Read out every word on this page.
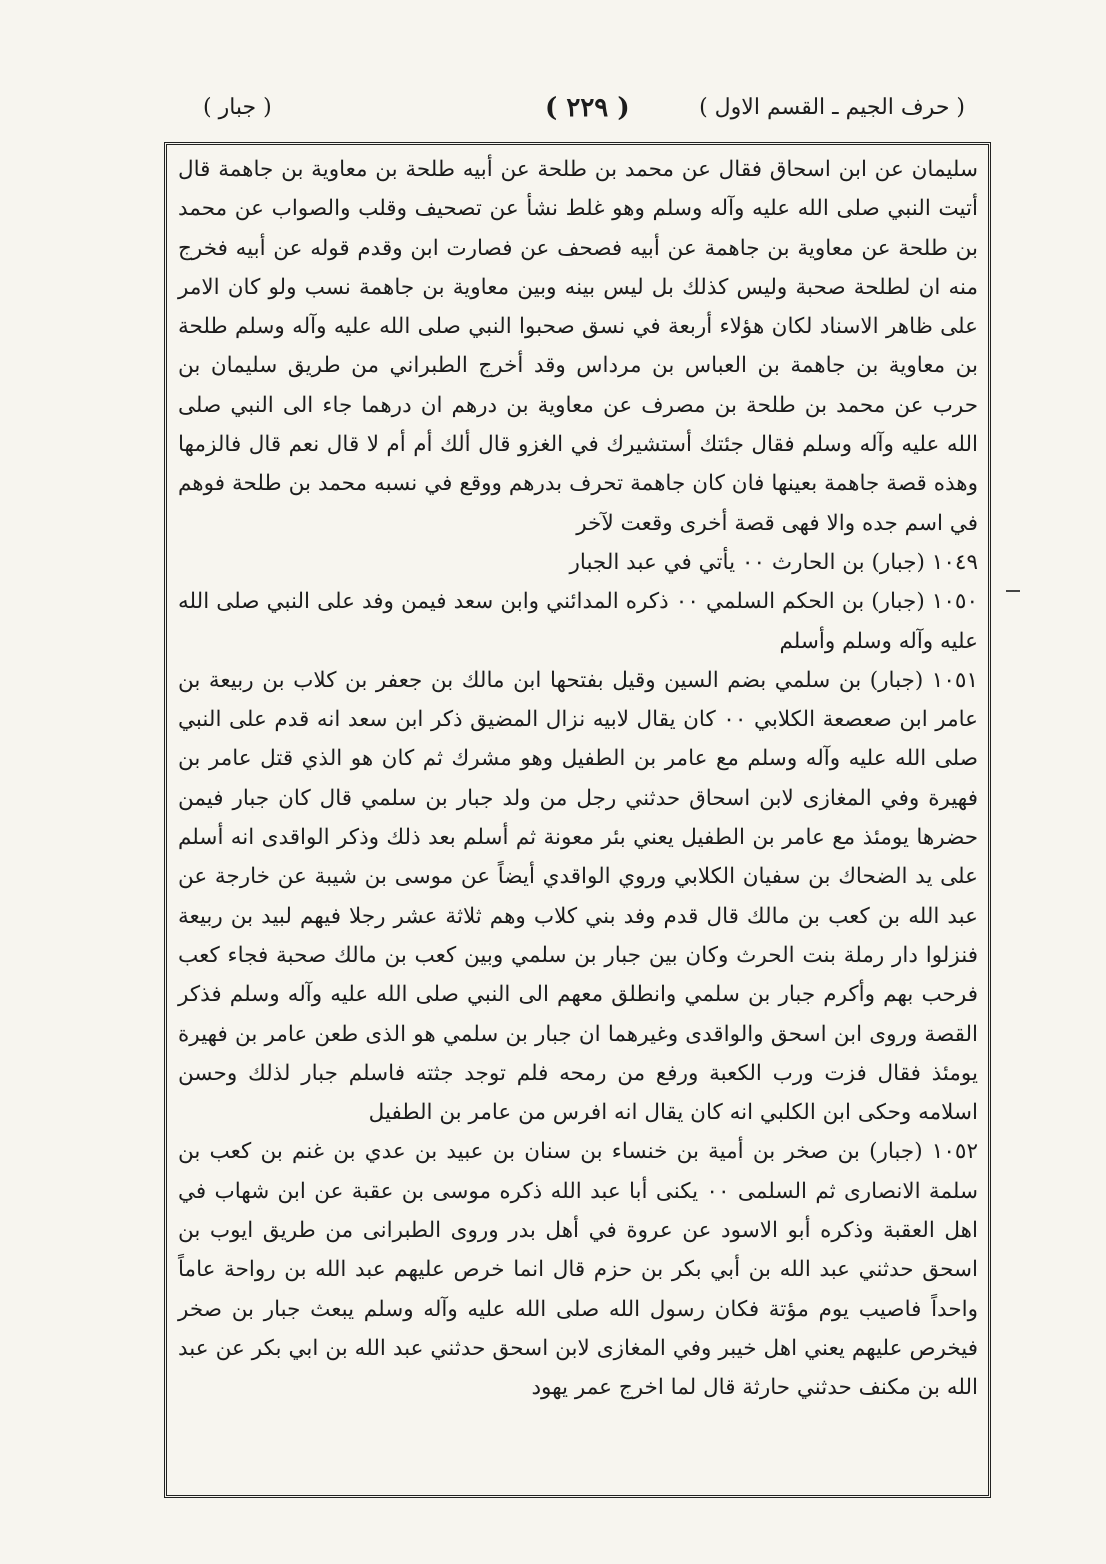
( حرف الجيم ـ القسم الاول )
( ٢٢٩ )
( جبار )

سليمان عن ابن اسحاق فقال عن محمد بن طلحة عن أبيه طلحة بن معاوية بن جاهمة قال أتيت النبي صلى الله عليه وآله وسلم وهو غلط نشأ عن تصحيف وقلب والصواب عن محمد بن طلحة عن معاوية بن جاهمة عن أبيه فصحف عن فصارت ابن وقدم قوله عن أبيه فخرج منه ان لطلحة صحبة وليس كذلك بل ليس بينه وبين معاوية بن جاهمة نسب ولو كان الامر على ظاهر الاسناد لكان هؤلاء أربعة في نسق صحبوا النبي صلى الله عليه وآله وسلم طلحة بن معاوية بن جاهمة بن العباس بن مرداس وقد أخرج الطبراني من طريق سليمان بن حرب عن محمد بن طلحة بن مصرف عن معاوية بن درهم ان درهما جاء الى النبي صلى الله عليه وآله وسلم فقال جئتك أستشيرك في الغزو قال ألك أم أم لا قال نعم قال فالزمها وهذه قصة جاهمة بعينها فان كان جاهمة تحرف بدرهم ووقع في نسبه محمد بن طلحة فوهم في اسم جده والا فهى قصة أخرى وقعت لآخر

١٠٤٩ (جبار) بن الحارث ٠٠ يأتي في عبد الجبار

١٠٥٠ (جبار) بن الحكم السلمي ٠٠ ذكره المدائني وابن سعد فيمن وفد على النبي صلى الله عليه وآله وسلم وأسلم

١٠٥١ (جبار) بن سلمي بضم السين وقيل بفتحها ابن مالك بن جعفر بن كلاب بن ربيعة بن عامر ابن صعصعة الكلابي ٠٠ كان يقال لابيه نزال المضيق ذكر ابن سعد انه قدم على النبي صلى الله عليه وآله وسلم مع عامر بن الطفيل وهو مشرك ثم كان هو الذي قتل عامر بن فهيرة وفي المغازى لابن اسحاق حدثني رجل من ولد جبار بن سلمي قال كان جبار فيمن حضرها يومئذ مع عامر بن الطفيل يعني بئر معونة ثم أسلم بعد ذلك وذكر الواقدى انه أسلم على يد الضحاك بن سفيان الكلابي وروي الواقدي أيضاً عن موسى بن شيبة عن خارجة عن عبد الله بن كعب بن مالك قال قدم وفد بني كلاب وهم ثلاثة عشر رجلا فيهم لبيد بن ربيعة فنزلوا دار رملة بنت الحرث وكان بين جبار بن سلمي وبين كعب بن مالك صحبة فجاء كعب فرحب بهم وأكرم جبار بن سلمي وانطلق معهم الى النبي صلى الله عليه وآله وسلم فذكر القصة وروى ابن اسحق والواقدى وغيرهما ان جبار بن سلمي هو الذى طعن عامر بن فهيرة يومئذ فقال فزت ورب الكعبة ورفع من رمحه فلم توجد جثته فاسلم جبار لذلك وحسن اسلامه وحكى ابن الكلبي انه كان يقال انه افرس من عامر بن الطفيل

١٠٥٢ (جبار) بن صخر بن أمية بن خنساء بن سنان بن عبيد بن عدي بن غنم بن كعب بن سلمة الانصارى ثم السلمى ٠٠ يكنى أبا عبد الله ذكره موسى بن عقبة عن ابن شهاب في اهل العقبة وذكره أبو الاسود عن عروة في أهل بدر وروى الطبرانى من طريق ايوب بن اسحق حدثني عبد الله بن أبي بكر بن حزم قال انما خرص عليهم عبد الله بن رواحة عاماً واحداً فاصيب يوم مؤتة فكان رسول الله صلى الله عليه وآله وسلم يبعث جبار بن صخر فيخرص عليهم يعني اهل خيبر وفي المغازى لابن اسحق حدثني عبد الله بن ابي بكر عن عبد الله بن مكنف حدثني حارثة قال لما اخرج عمر يهود
